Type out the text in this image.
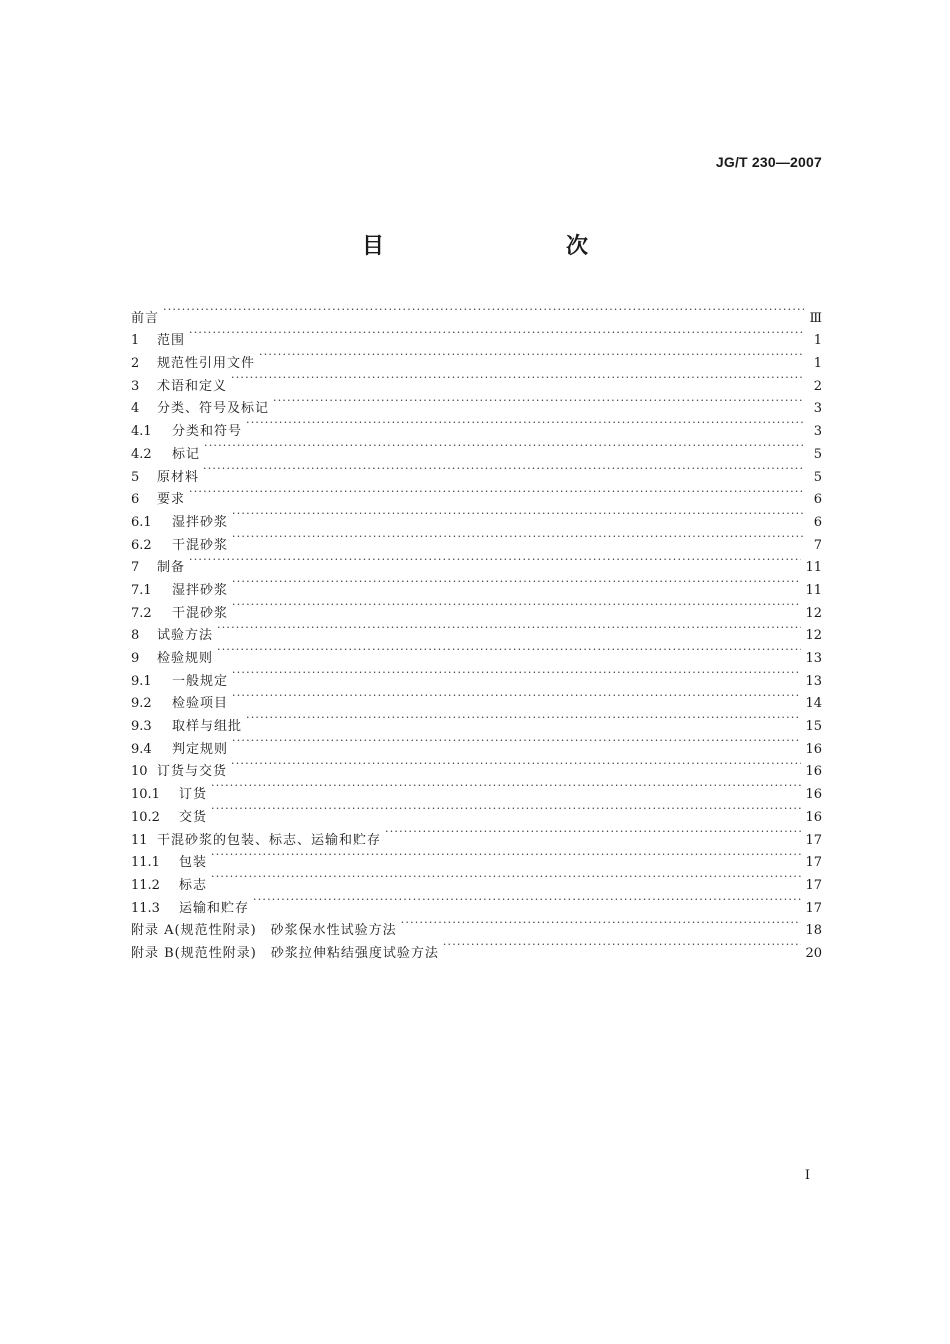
JG/T 230—2007
目　　次
前言 ·····	Ⅲ
1	范围 ·····	1
2	规范性引用文件 ·····	1
3	术语和定义 ·····	2
4	分类、符号及标记 ·····	3
4.1	分类和符号 ·····	3
4.2	标记 ·····	5
5	原材料 ·····	5
6	要求 ·····	6
6.1	湿拌砂浆 ·····	6
6.2	干混砂浆 ·····	7
7	制备 ·····	11
7.1	湿拌砂浆 ·····	11
7.2	干混砂浆 ·····	12
8	试验方法 ·····	12
9	检验规则 ·····	13
9.1	一般规定 ·····	13
9.2	检验项目 ·····	14
9.3	取样与组批 ·····	15
9.4	判定规则 ·····	16
10 订货与交货 ·····	16
10.1	订货 ·····	16
10.2	交货 ·····	16
11 干混砂浆的包装、标志、运输和贮存 ·····	17
11.1	包装 ·····	17
11.2	标志 ·····	17
11.3	运输和贮存 ·····	17
附录 A(规范性附录)　砂浆保水性试验方法 ·····	18
附录 B(规范性附录)　砂浆拉伸粘结强度试验方法 ·····	20
I
